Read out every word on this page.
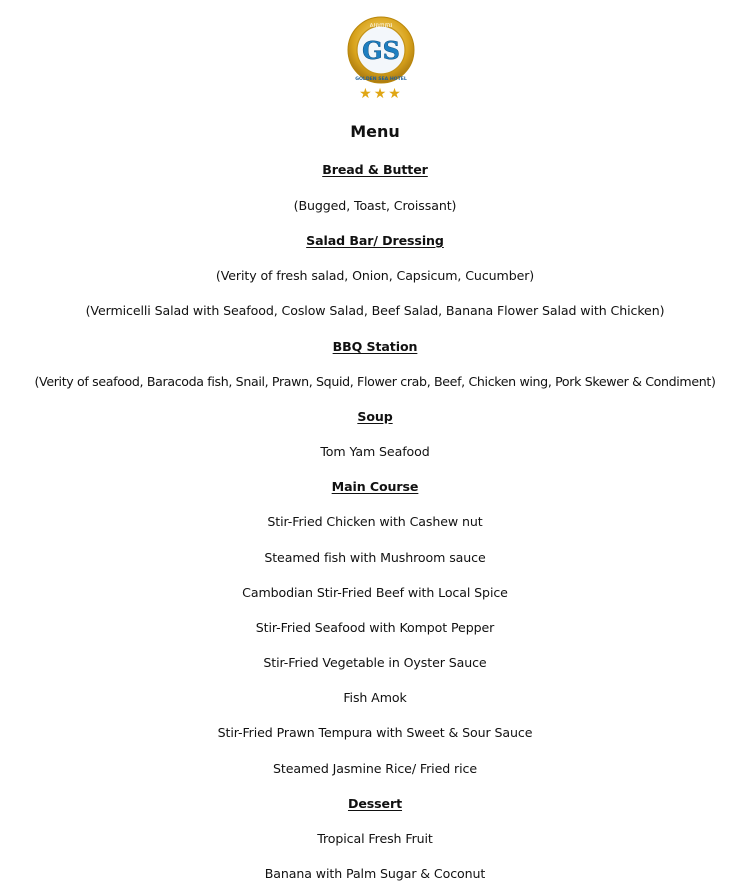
GS
សណ្ឋាគារ
GOLDEN SEA HOTEL
★★★
Menu
Bread & Butter
(Bugged, Toast, Croissant)
Salad Bar/ Dressing
(Verity of fresh salad, Onion, Capsicum, Cucumber)
(Vermicelli Salad with Seafood, Coslow Salad, Beef Salad, Banana Flower Salad with Chicken)
BBQ Station
(Verity of seafood, Baracoda fish, Snail, Prawn, Squid, Flower crab, Beef, Chicken wing, Pork Skewer & Condiment)
Soup
Tom Yam Seafood
Main Course
Stir-Fried Chicken with Cashew nut
Steamed fish with Mushroom sauce
Cambodian Stir-Fried Beef with Local Spice
Stir-Fried Seafood with Kompot Pepper
Stir-Fried Vegetable in Oyster Sauce
Fish Amok
Stir-Fried Prawn Tempura with Sweet & Sour Sauce
Steamed Jasmine Rice/ Fried rice
Dessert
Tropical Fresh Fruit
Banana with Palm Sugar & Coconut
